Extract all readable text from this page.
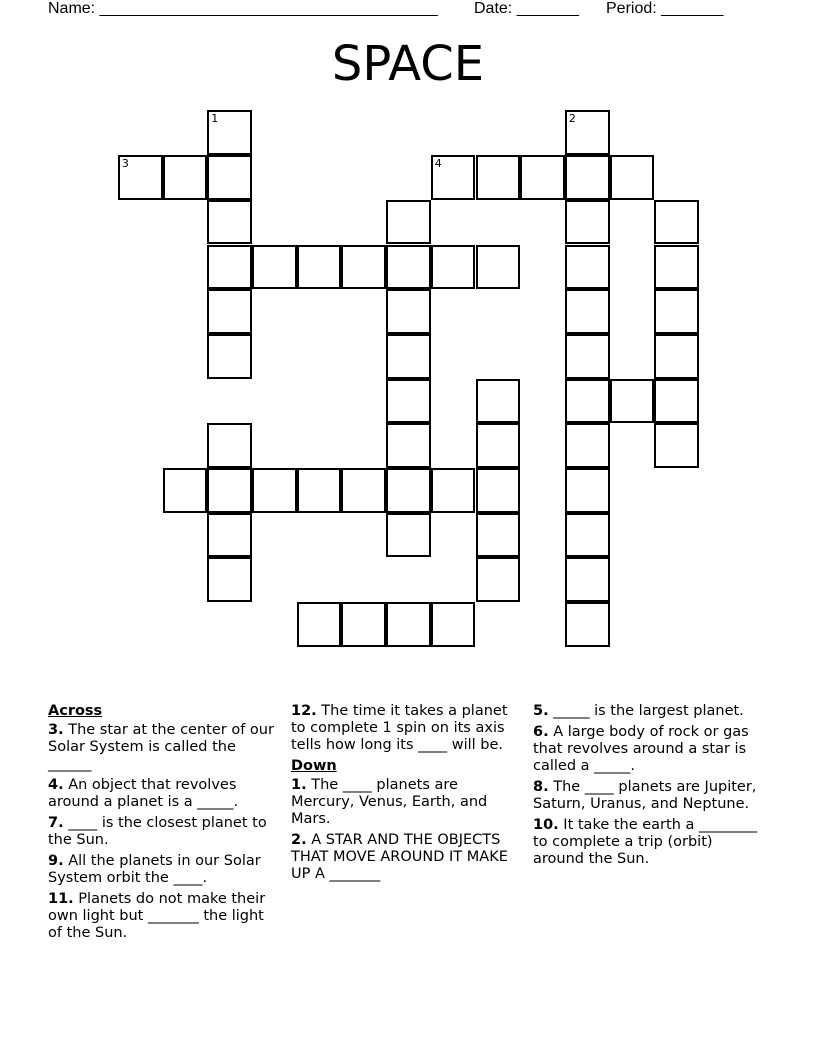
Name: ______________________________________ Date: _______ Period: _______
SPACE
1
3	4
2
Across
3. The star at the center of our Solar System is called the ______
4. An object that revolves around a planet is a _____.
7. ____ is the closest planet to the Sun.
9. All the planets in our Solar System orbit the ____.
11. Planets do not make their own light but _______ the light of the Sun.
12. The time it takes a planet to complete 1 spin on its axis tells how long its ____ will be.
Down
1. The ____ planets are Mercury, Venus, Earth, and Mars.
2. A STAR AND THE OBJECTS THAT MOVE AROUND IT MAKE UP A _______
5. _____ is the largest planet.
6. A large body of rock or gas that revolves around a star is called a _____.
8. The ____ planets are Jupiter, Saturn, Uranus, and Neptune.
10. It take the earth a ________ to complete a trip (orbit) around the Sun.
